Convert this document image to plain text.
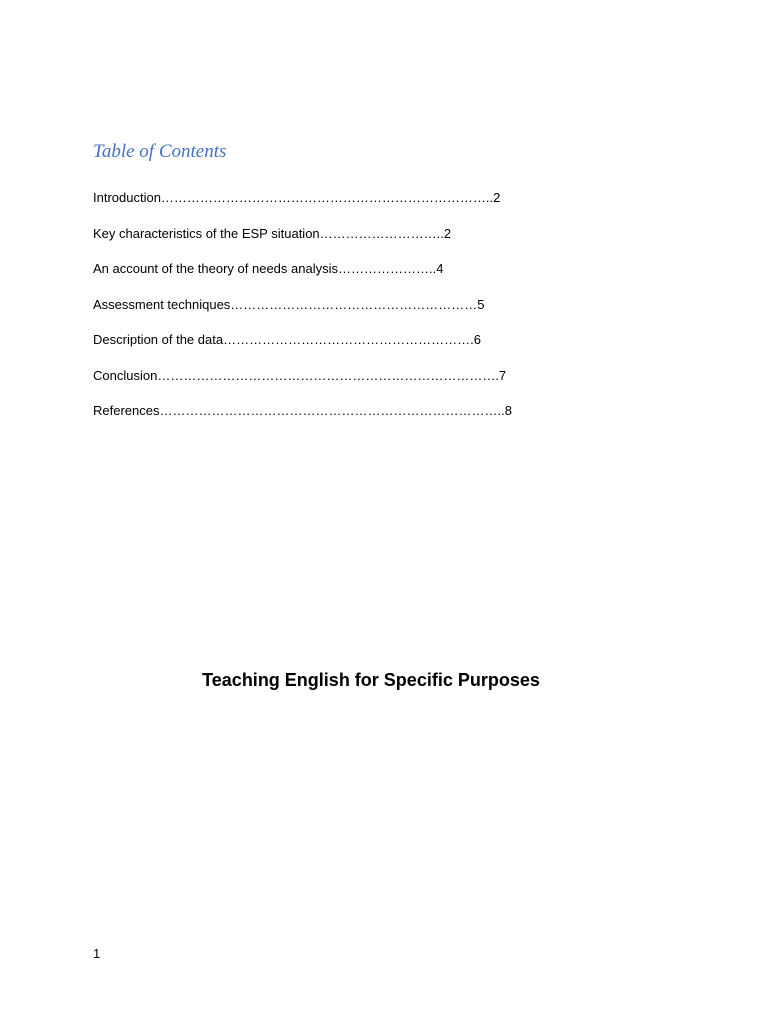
Table of Contents
Introduction…………………………………………………………………..2
Key characteristics of the ESP situation………………………..2
An account of the theory of needs analysis…………………..4
Assessment techniques…………………………………………………5
Description of the data………………………………………………….6
Conclusion…………………………………………………………………….7
References……………………………………………………………………..8
Teaching English for Specific Purposes
1
